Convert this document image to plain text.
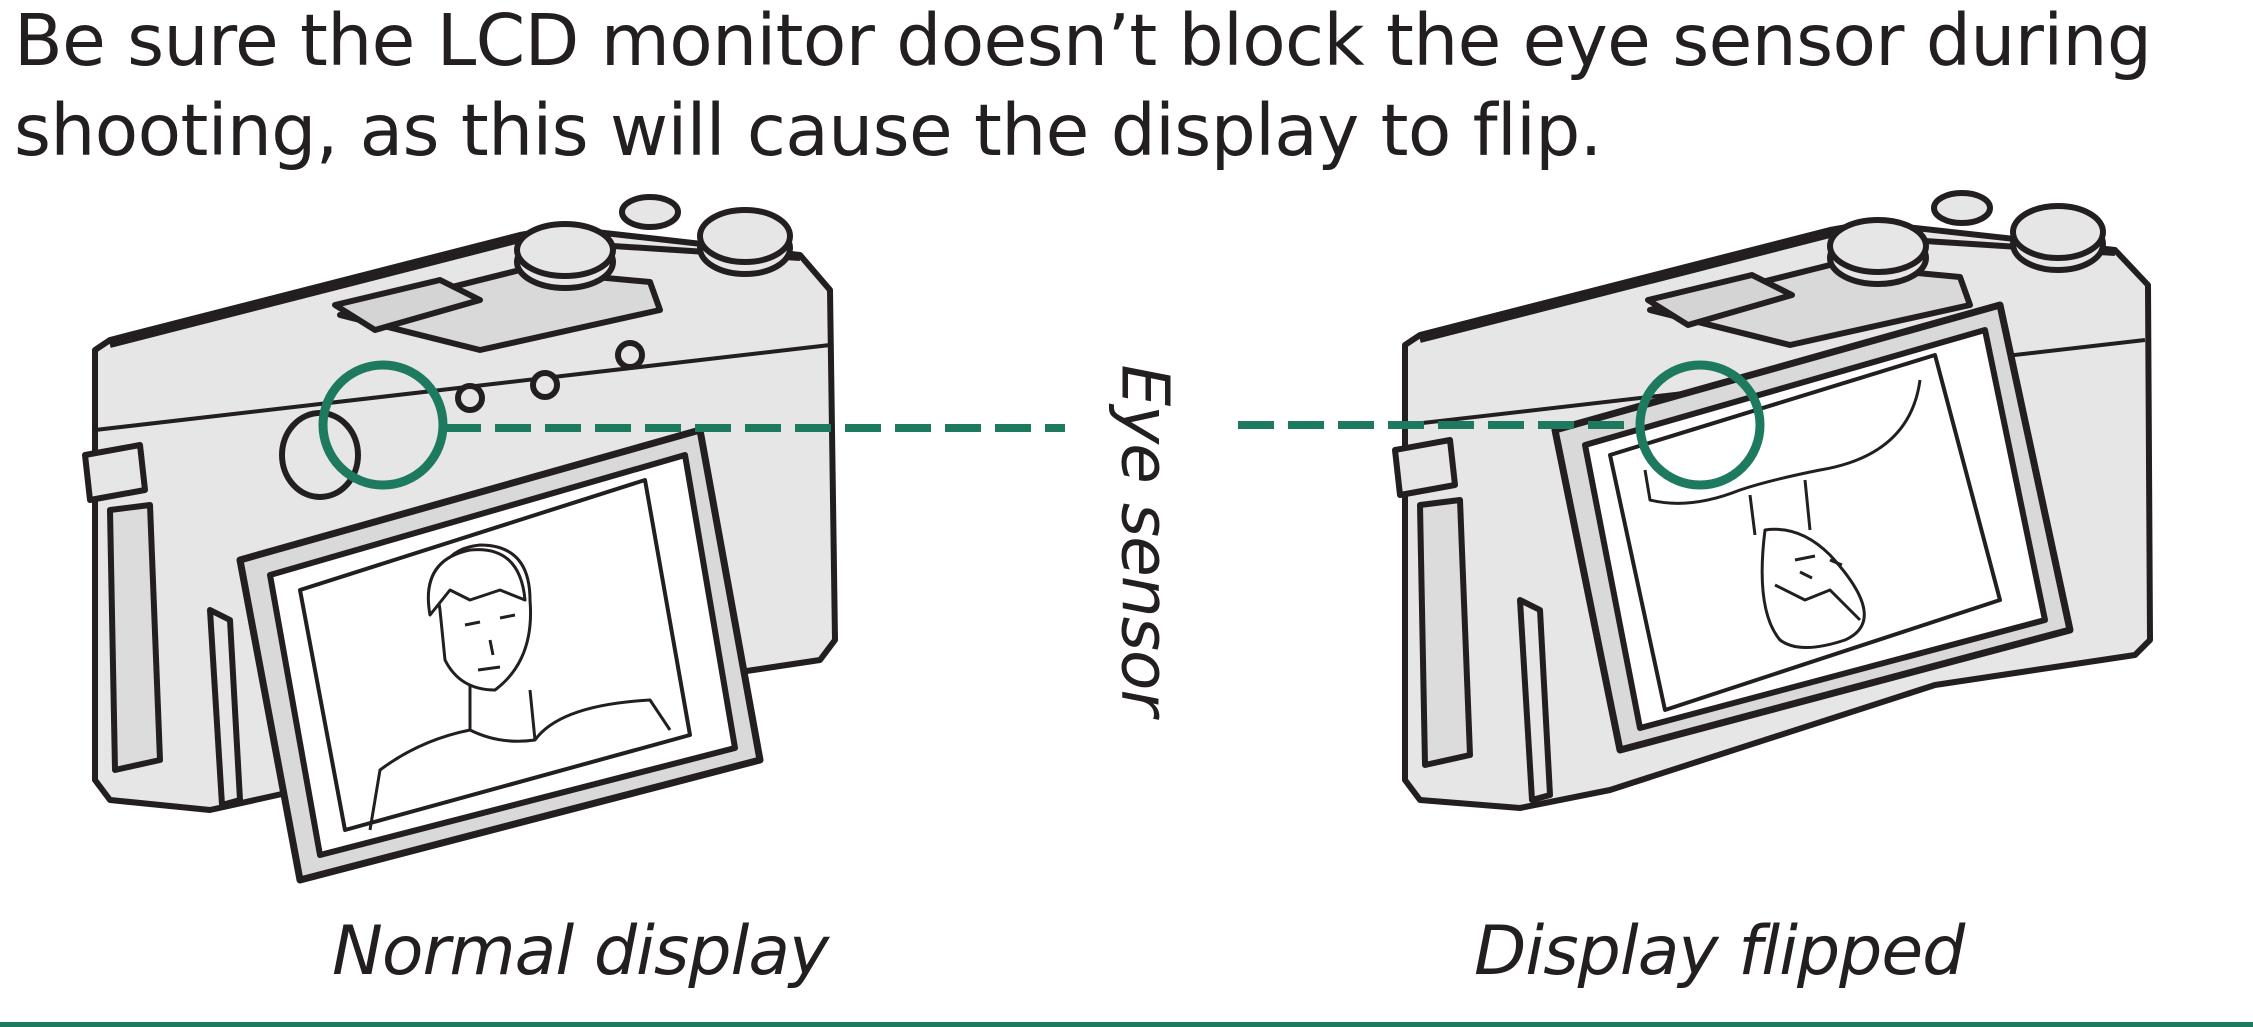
Be sure the LCD monitor doesn’t block the eye sensor during shooting, as this will cause the display to flip.

Eye sensor
Normal display	Display flipped
